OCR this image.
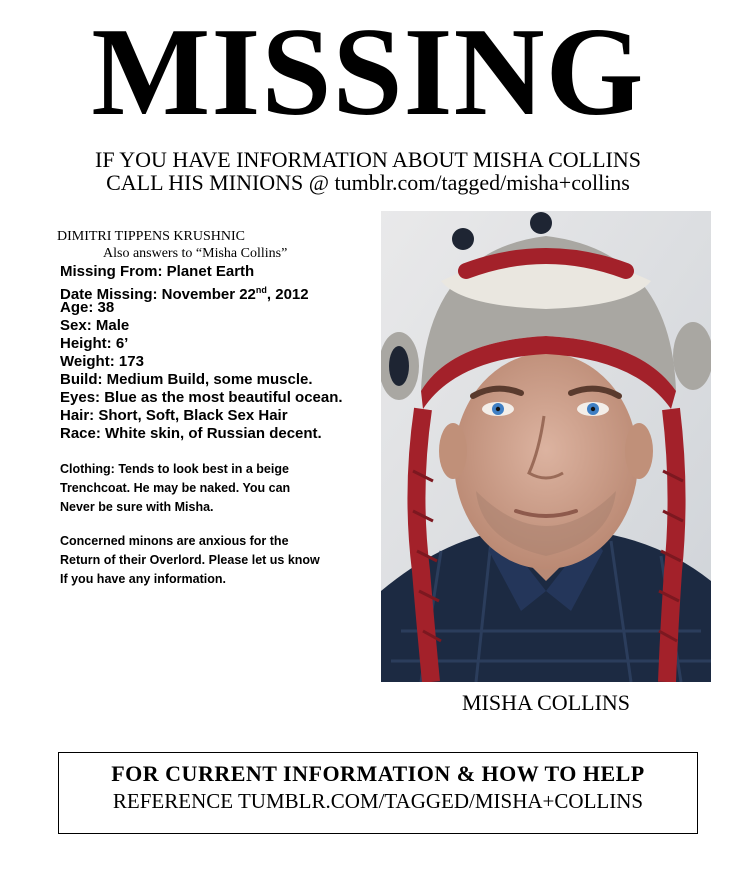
MISSING
IF YOU HAVE INFORMATION ABOUT MISHA COLLINS
CALL HIS MINIONS @ tumblr.com/tagged/misha+collins
DIMITRI TIPPENS KRUSHNIC
Also answers to “Misha Collins”
Missing From: Planet Earth
Date Missing: November 22nd, 2012
Age: 38
Sex: Male
Height: 6’
Weight: 173
Build: Medium Build, some muscle.
Eyes: Blue as the most beautiful ocean.
Hair: Short, Soft, Black Sex Hair
Race: White skin, of Russian decent.
Clothing: Tends to look best in a beige
Trenchcoat. He may be naked. You can
Never be sure with Misha.
Concerned minons are anxious for the
Return of their Overlord. Please let us know
If you have any information.
MISHA COLLINS
FOR CURRENT INFORMATION & HOW TO HELP
REFERENCE TUMBLR.COM/TAGGED/MISHA+COLLINS
